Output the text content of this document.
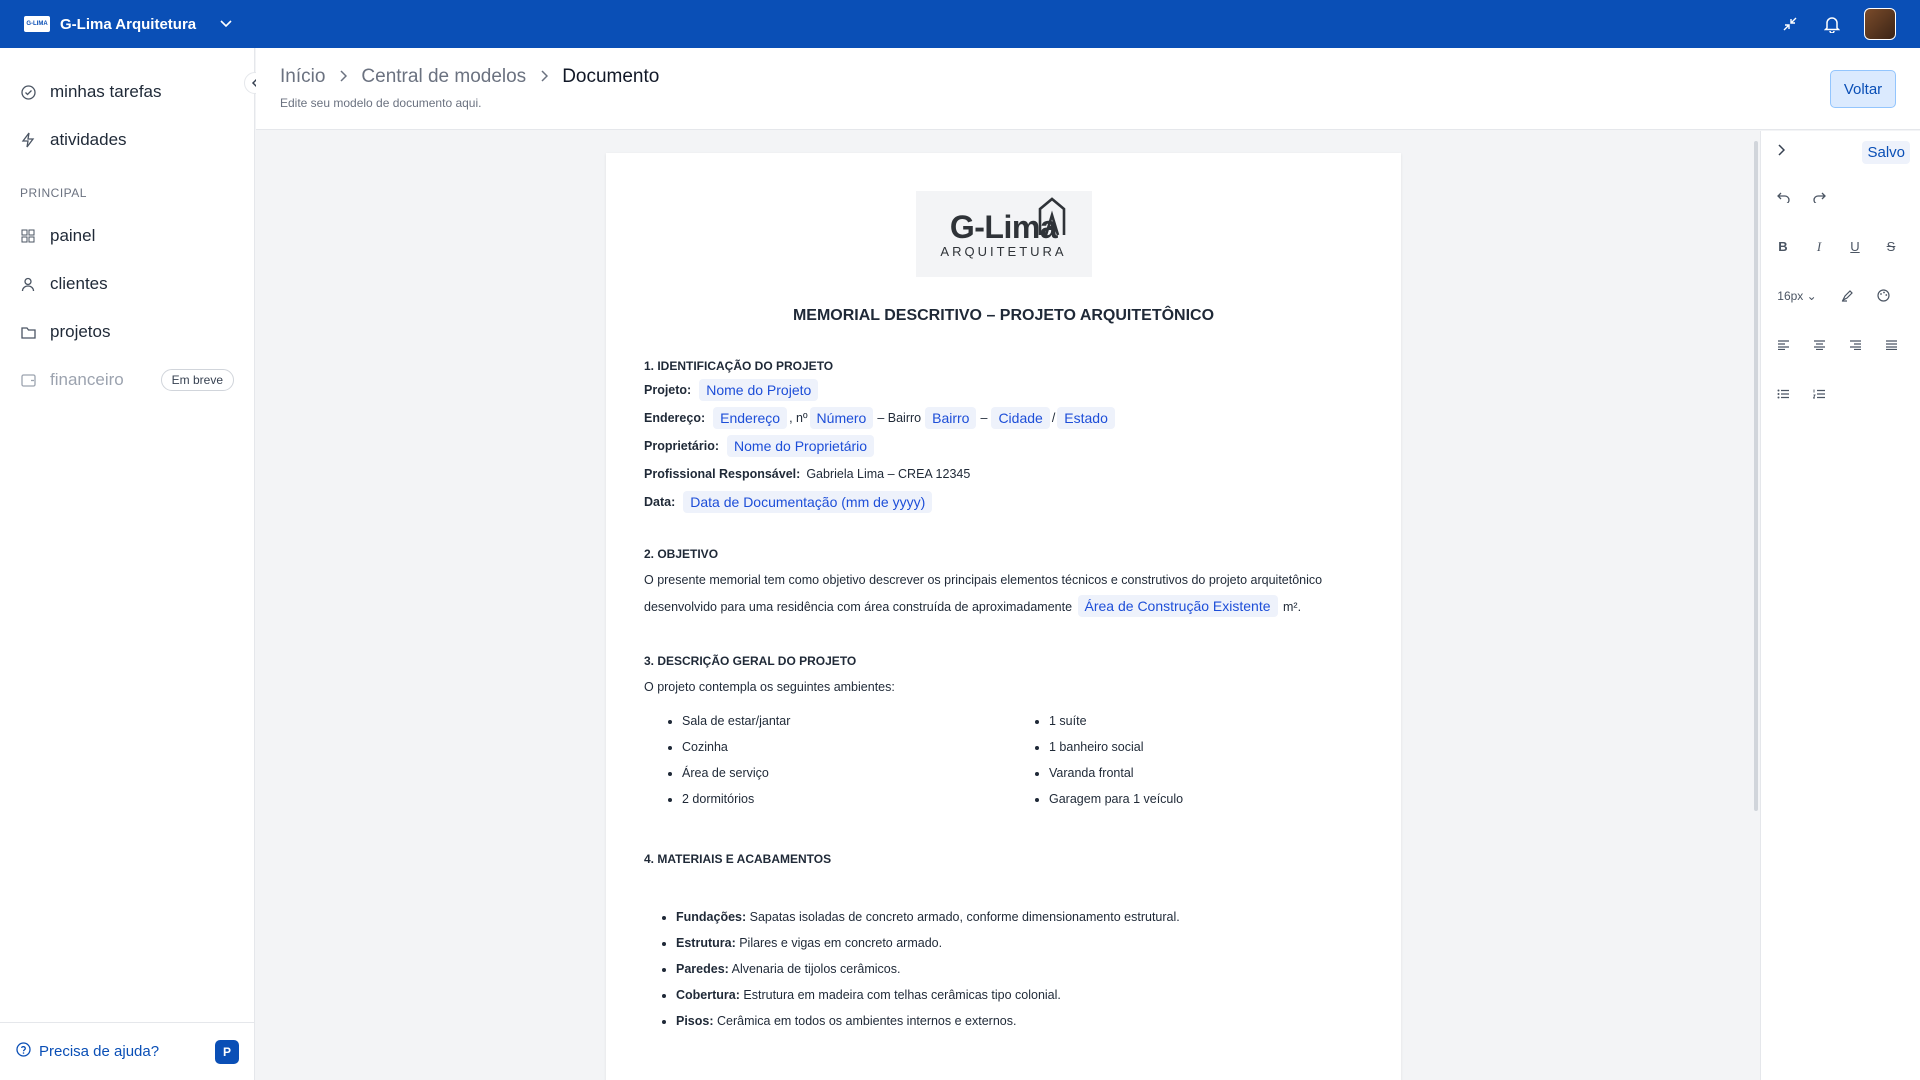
G-LIMA G-Lima Arquitetura
minhas tarefas
atividades
PRINCIPAL
painel
clientes
projetos
financeiro	Em breve
Precisa de ajuda?	P
Início Central de modelos Documento
Edite seu modelo de documento aqui.
Voltar
G-Lima
ARQUITETURA
MEMORIAL DESCRITIVO – PROJETO ARQUITETÔNICO
1. IDENTIFICAÇÃO DO PROJETO
Projeto:	Nome do Projeto
Endereço:	Endereço , nº Número – Bairro Bairro – Cidade / Estado
Proprietário:	Nome do Proprietário
Profissional Responsável: Gabriela Lima – CREA 12345
Data:	Data de Documentação (mm de yyyy)
2. OBJETIVO
O presente memorial tem como objetivo descrever os principais elementos técnicos e construtivos do projeto arquitetônico desenvolvido para uma residência com área construída de aproximadamente Área de Construção Existente m².
3. DESCRIÇÃO GERAL DO PROJETO
O projeto contempla os seguintes ambientes:
• Sala de estar/jantar	• 1 suíte
• Cozinha	• 1 banheiro social
• Área de serviço	• Varanda frontal
• 2 dormitórios	• Garagem para 1 veículo
4. MATERIAIS E ACABAMENTOS
• Fundações: Sapatas isoladas de concreto armado, conforme dimensionamento estrutural.
• Estrutura: Pilares e vigas em concreto armado.
• Paredes: Alvenaria de tijolos cerâmicos.
• Cobertura: Estrutura em madeira com telhas cerâmicas tipo colonial.
• Pisos: Cerâmica em todos os ambientes internos e externos.
Salvo
B	I	U	S
16px
⌄
